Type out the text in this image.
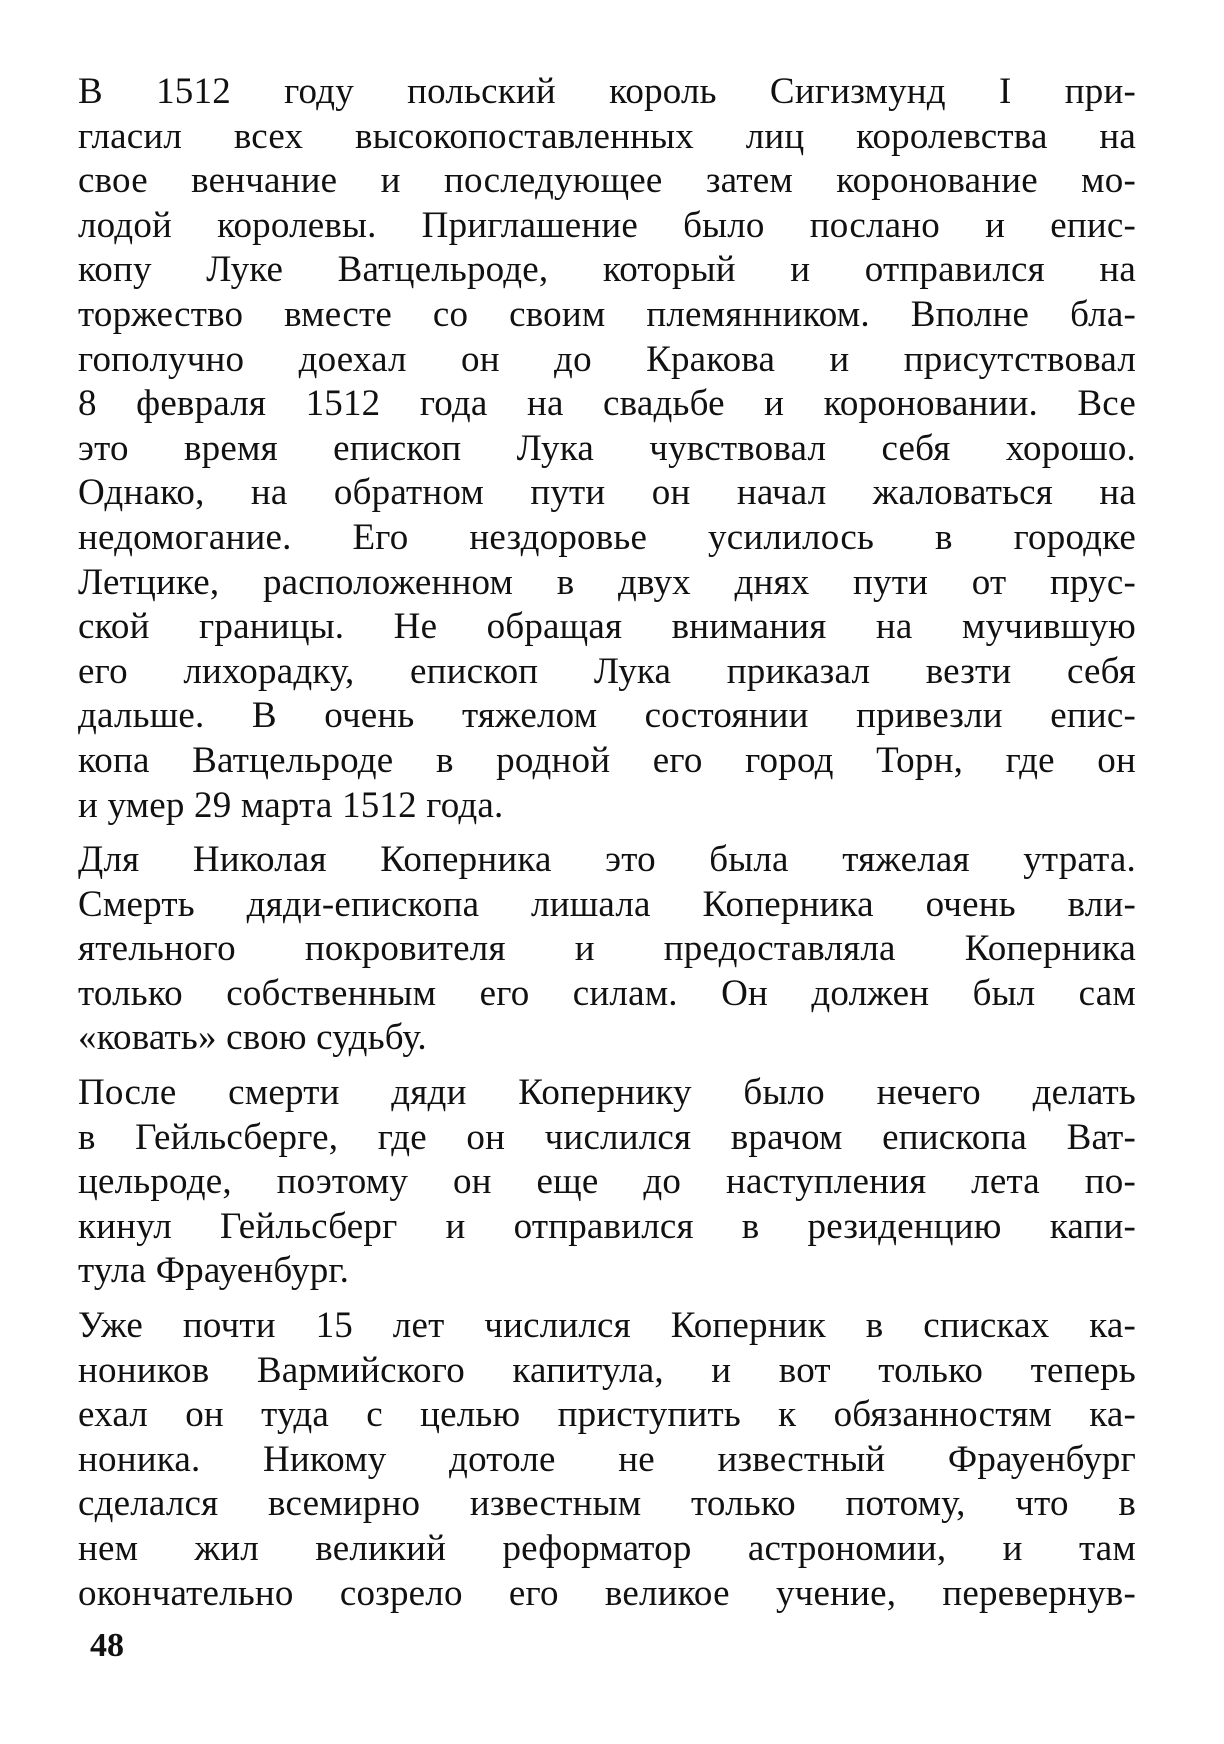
В 1512 году польский король Сигизмунд I при-
гласил всех высокопоставленных лиц королевства на
свое венчание и последующее затем коронование мо-
лодой королевы. Приглашение было послано и епис-
копу Луке Ватцельроде, который и отправился на
торжество вместе со своим племянником. Вполне бла-
гополучно доехал он до Кракова и присутствовал
8 февраля 1512 года на свадьбе и короновании. Все
это время епископ Лука чувствовал себя хорошо.
Однако, на обратном пути он начал жаловаться на
недомогание. Его нездоровье усилилось в городке
Летцике, расположенном в двух днях пути от прус-
ской границы. Не обращая внимания на мучившую
его лихорадку, епископ Лука приказал везти себя
дальше. В очень тяжелом состоянии привезли епис-
копа Ватцельроде в родной его город Торн, где он
и умер 29 марта 1512 года.

Для Николая Коперника это была тяжелая утрата.
Смерть дяди-епископа лишала Коперника очень вли-
ятельного покровителя и предоставляла Коперника
только собственным его силам. Он должен был сам
«ковать» свою судьбу.

После смерти дяди Копернику было нечего делать
в Гейльсберге, где он числился врачом епископа Ват-
цельроде, поэтому он еще до наступления лета по-
кинул Гейльсберг и отправился в резиденцию капи-
тула Фрауенбург.

Уже почти 15 лет числился Коперник в списках ка-
ноников Вармийского капитула, и вот только теперь
ехал он туда с целью приступить к обязанностям ка-
ноника. Никому дотоле не известный Фрауенбург
сделался всемирно известным только потому, что в
нем жил великий реформатор астрономии, и там
окончательно созрело его великое учение, перевернув-

48
